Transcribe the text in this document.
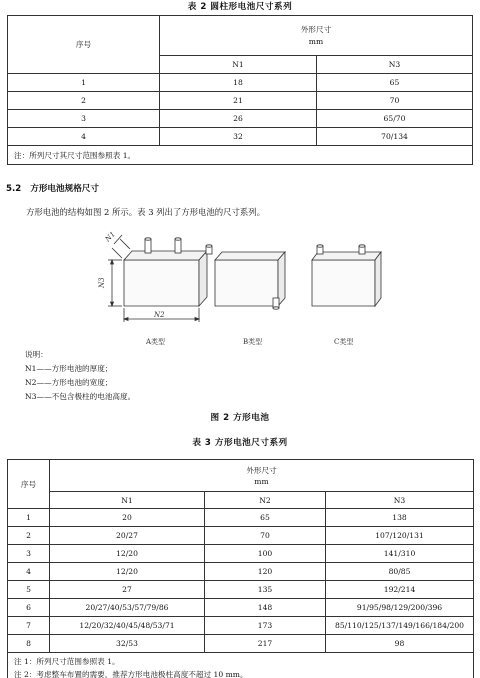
表 2 圆柱形电池尺寸系列
序号	外形尺寸
mm	

	N1	N3
1	18	65
2	21	70
3	26	65/70
4	32	70/134
注：所列尺寸其尺寸范围参照表 1。		
5.2 方形电池规格尺寸
方形电池的结构如图 2 所示。表 3 列出了方形电池的尺寸系列。
N3
N2
N1
A类型	B类型	C类型
说明：
N1——方形电池的厚度；
N2——方形电池的宽度；
N3——不包含极柱的电池高度。
图 2 方形电池
表 3 方形电池尺寸系列
序号	外形尺寸
mm		

	N1	N2	N3
1	20	65	138
2	20/27	70	107/120/131
3	12/20	100	141/310
4	12/20	120	80/85
5	27	135	192/214
6	20/27/40/53/57/79/86	148	91/95/98/129/200/396
7	12/20/32/40/45/48/53/71	173	85/110/125/137/149/166/184/200
8	32/53	217	98

注 1：所列尺寸范围参照表 1。
注 2：考虑整车布置的需要，推荐方形电池极柱高度不超过 10 mm。			
